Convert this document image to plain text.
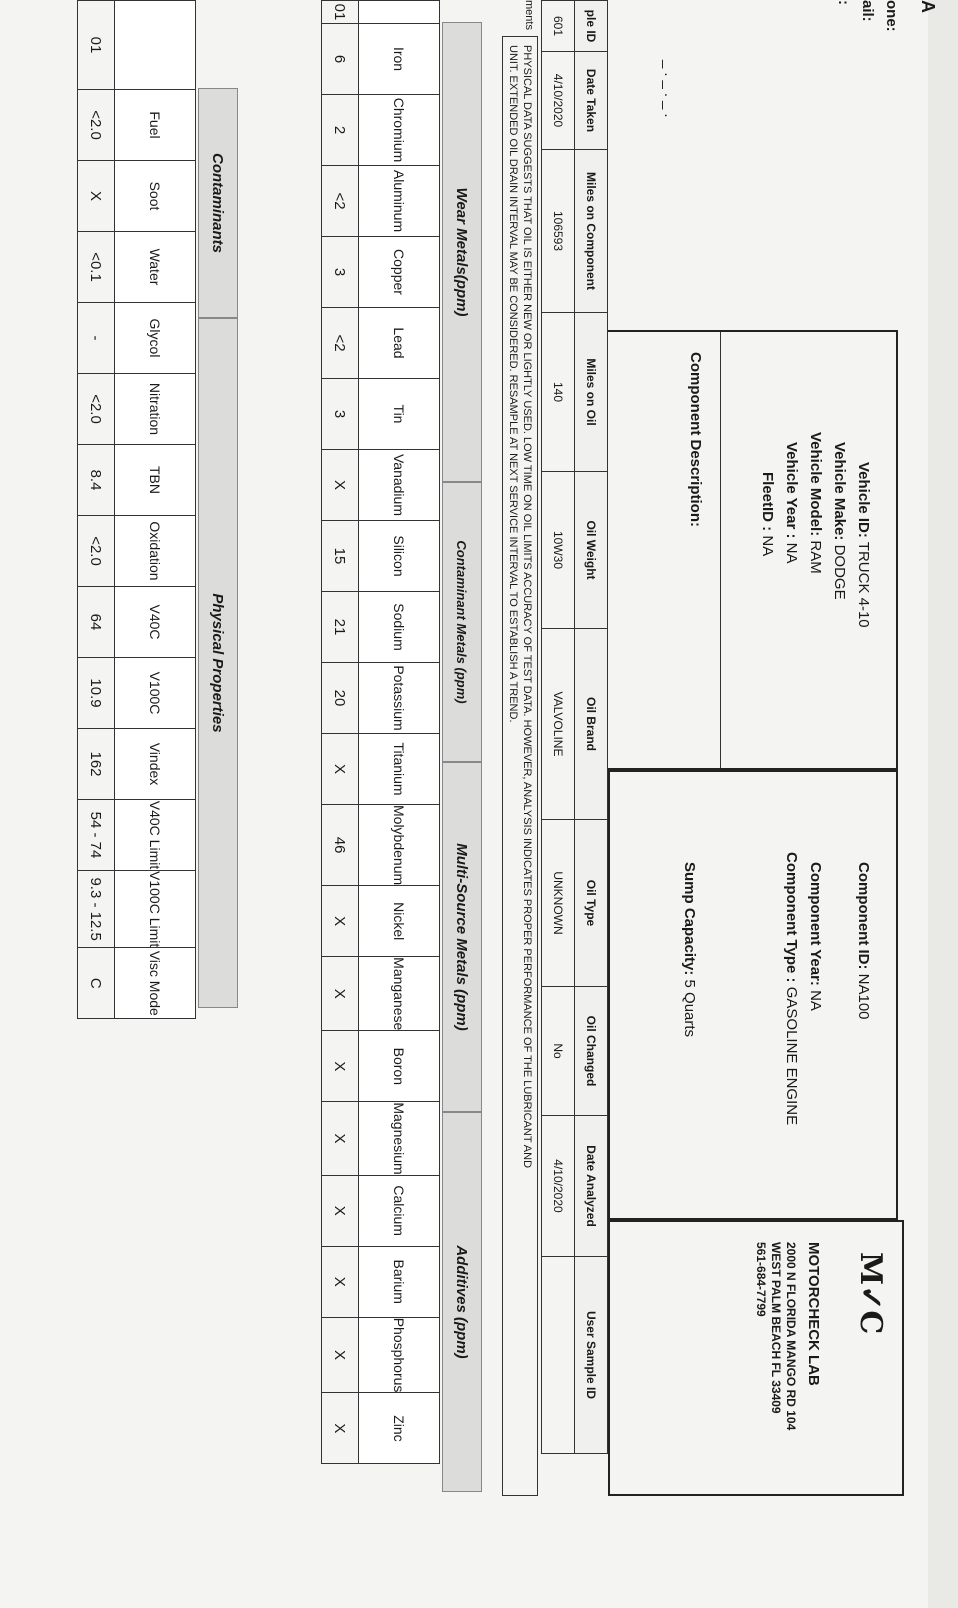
A
one:
ail:
:
_._._.
Vehicle ID: TRUCK 4-10
Vehicle Make: DODGE
Vehicle Model: RAM
Vehicle Year : NA
FleetID : NA
Component Description:
Component ID: NA100
Component Year: NA
Component Type : GASOLINE ENGINE
Sump Capacity: 5 Quarts
M✓C
MOTORCHECK LAB
2000 N FLORIDA MANGO RD 104
WEST PALM BEACH FL 33409
561-684-7799
ple ID	Date Taken	Miles on Component	Miles on Oil	Oil Weight	Oil Brand	Oil Type	Oil Changed	Date Analyzed	User Sample ID
601	4/10/2020	106593	140	10W30	VALVOLINE	UNKNOWN	No	4/10/2020	
ments
PHYSICAL DATA SUGGESTS THAT OIL IS EITHER NEW OR LIGHTLY USED. LOW TIME ON OIL LIMITS ACCURACY OF TEST DATA. HOWEVER, ANALYSIS INDICATES PROPER PERFORMANCE OF THE LUBRICANT AND
UNIT. EXTENDED OIL DRAIN INTERVAL MAY BE CONSIDERED. RESAMPLE AT NEXT SERVICE INTERVAL TO ESTABLISH A TREND.
Wear Metals(ppm)
Contaminant Metals (ppm)
Multi-Source Metals (ppm)
Additives (ppm)
	Iron	Chromium	Aluminum	Copper	Lead	Tin	Vanadium	Silicon	Sodium	Potassium	Titanium	Molybdenum	Nickel	Manganese	Boron	Magnesium	Calcium	Barium	Phosphorus	Zinc
01	6	2	<2	3	<2	3	X	15	21	20	X	46	X	X	X	X	X	X	X	X
Contaminants
Physical Properties
	Fuel	Soot	Water	Glycol	Nitration	TBN	Oxidation	V40C	V100C	Vindex	V40C Limit	V100C Limit	Visc Mode
01	<2.0	X	<0.1	-	<2.0	8.4	<2.0	64	10.9	162	54 - 74	9.3 - 12.5	C
